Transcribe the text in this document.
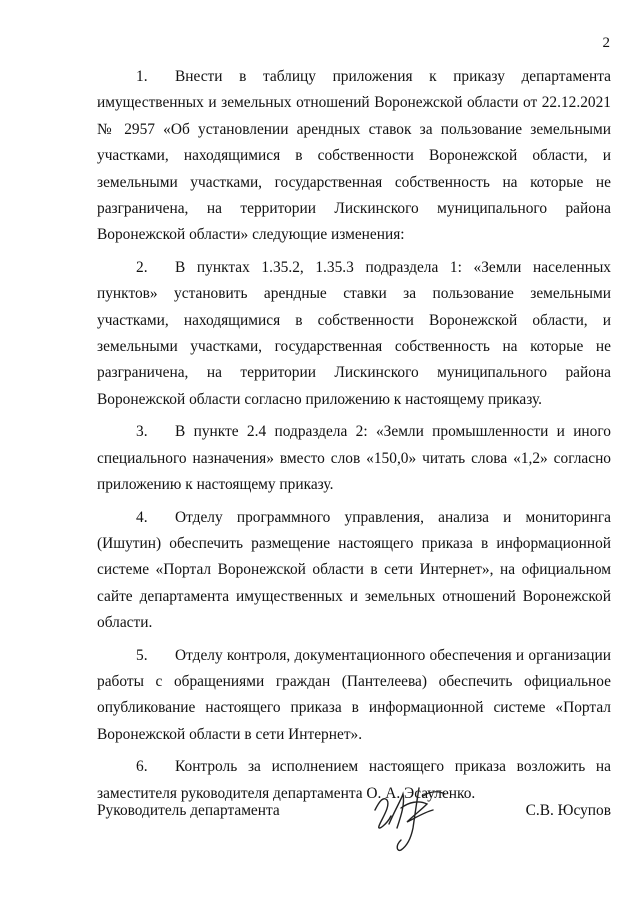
2

1. Внести в таблицу приложения к приказу департамента имущественных и земельных отношений Воронежской области от 22.12.2021 № 2957 «Об установлении арендных ставок за пользование земельными участками, находящимися в собственности Воронежской области, и земельными участками, государственная собственность на которые не разграничена, на территории Лискинского муниципального района Воронежской области» следующие изменения:

2. В пунктах 1.35.2, 1.35.3 подраздела 1: «Земли населенных пунктов» установить арендные ставки за пользование земельными участками, находящимися в собственности Воронежской области, и земельными участками, государственная собственность на которые не разграничена, на территории Лискинского муниципального района Воронежской области согласно приложению к настоящему приказу.

3. В пункте 2.4 подраздела 2: «Земли промышленности и иного специального назначения» вместо слов «150,0» читать слова «1,2» согласно приложению к настоящему приказу.

4. Отделу программного управления, анализа и мониторинга (Ишутин) обеспечить размещение настоящего приказа в информационной системе «Портал Воронежской области в сети Интернет», на официальном сайте департамента имущественных и земельных отношений Воронежской области.

5. Отделу контроля, документационного обеспечения и организации работы с обращениями граждан (Пантелеева) обеспечить официальное опубликование настоящего приказа в информационной системе «Портал Воронежской области в сети Интернет».

6. Контроль за исполнением настоящего приказа возложить на заместителя руководителя департамента О. А. Эсауленко.

Руководитель департамента	С.В. Юсупов
